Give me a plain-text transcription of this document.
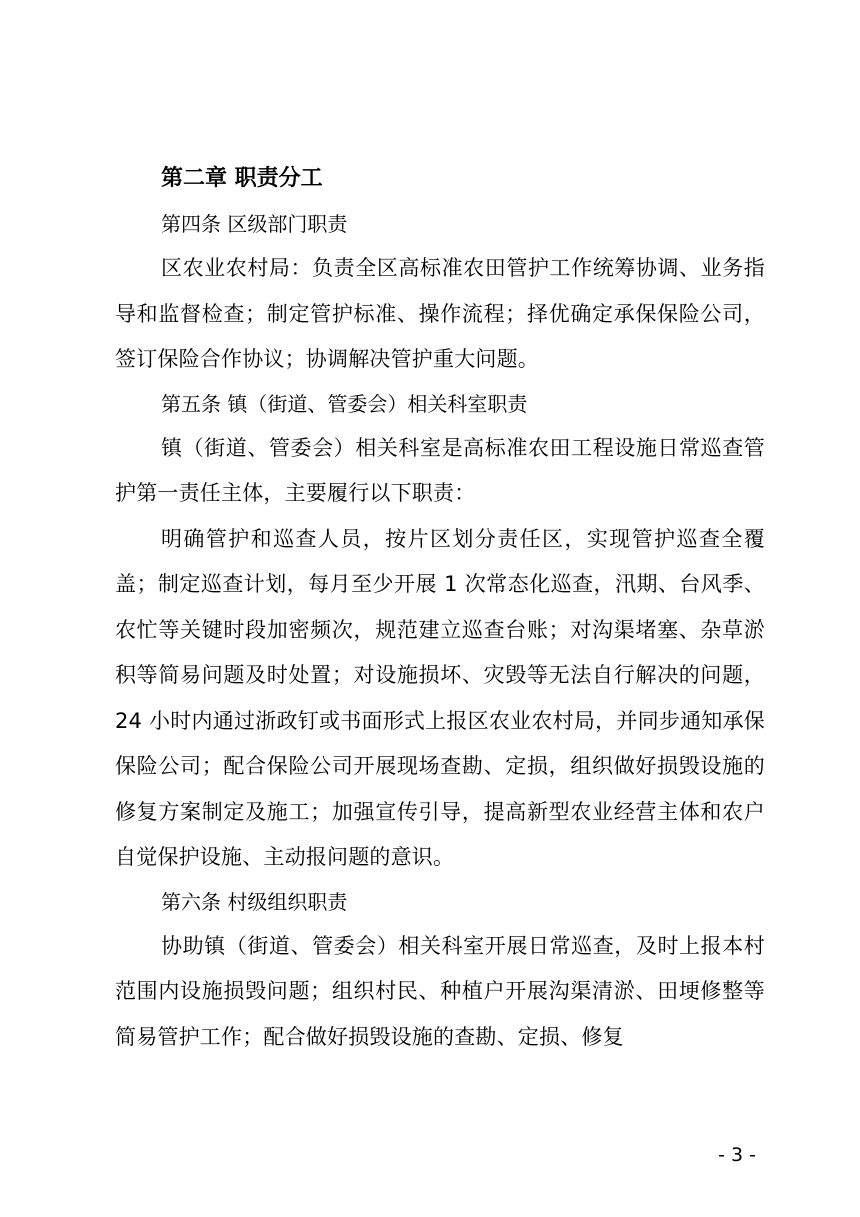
第二章 职责分工

第四条 区级部门职责

区农业农村局：负责全区高标准农田管护工作统筹协调、业务指导和监督检查；制定管护标准、操作流程；择优确定承保保险公司，签订保险合作协议；协调解决管护重大问题。

第五条 镇（街道、管委会）相关科室职责

镇（街道、管委会）相关科室是高标准农田工程设施日常巡查管护第一责任主体，主要履行以下职责：

明确管护和巡查人员，按片区划分责任区，实现管护巡查全覆盖；制定巡查计划，每月至少开展 1 次常态化巡查，汛期、台风季、农忙等关键时段加密频次，规范建立巡查台账；对沟渠堵塞、杂草淤积等简易问题及时处置；对设施损坏、灾毁等无法自行解决的问题，24 小时内通过浙政钉或书面形式上报区农业农村局，并同步通知承保保险公司；配合保险公司开展现场查勘、定损，组织做好损毁设施的修复方案制定及施工；加强宣传引导，提高新型农业经营主体和农户自觉保护设施、主动报问题的意识。

第六条 村级组织职责

协助镇（街道、管委会）相关科室开展日常巡查，及时上报本村范围内设施损毁问题；组织村民、种植户开展沟渠清淤、田埂修整等简易管护工作；配合做好损毁设施的查勘、定损、修复

- 3 -
